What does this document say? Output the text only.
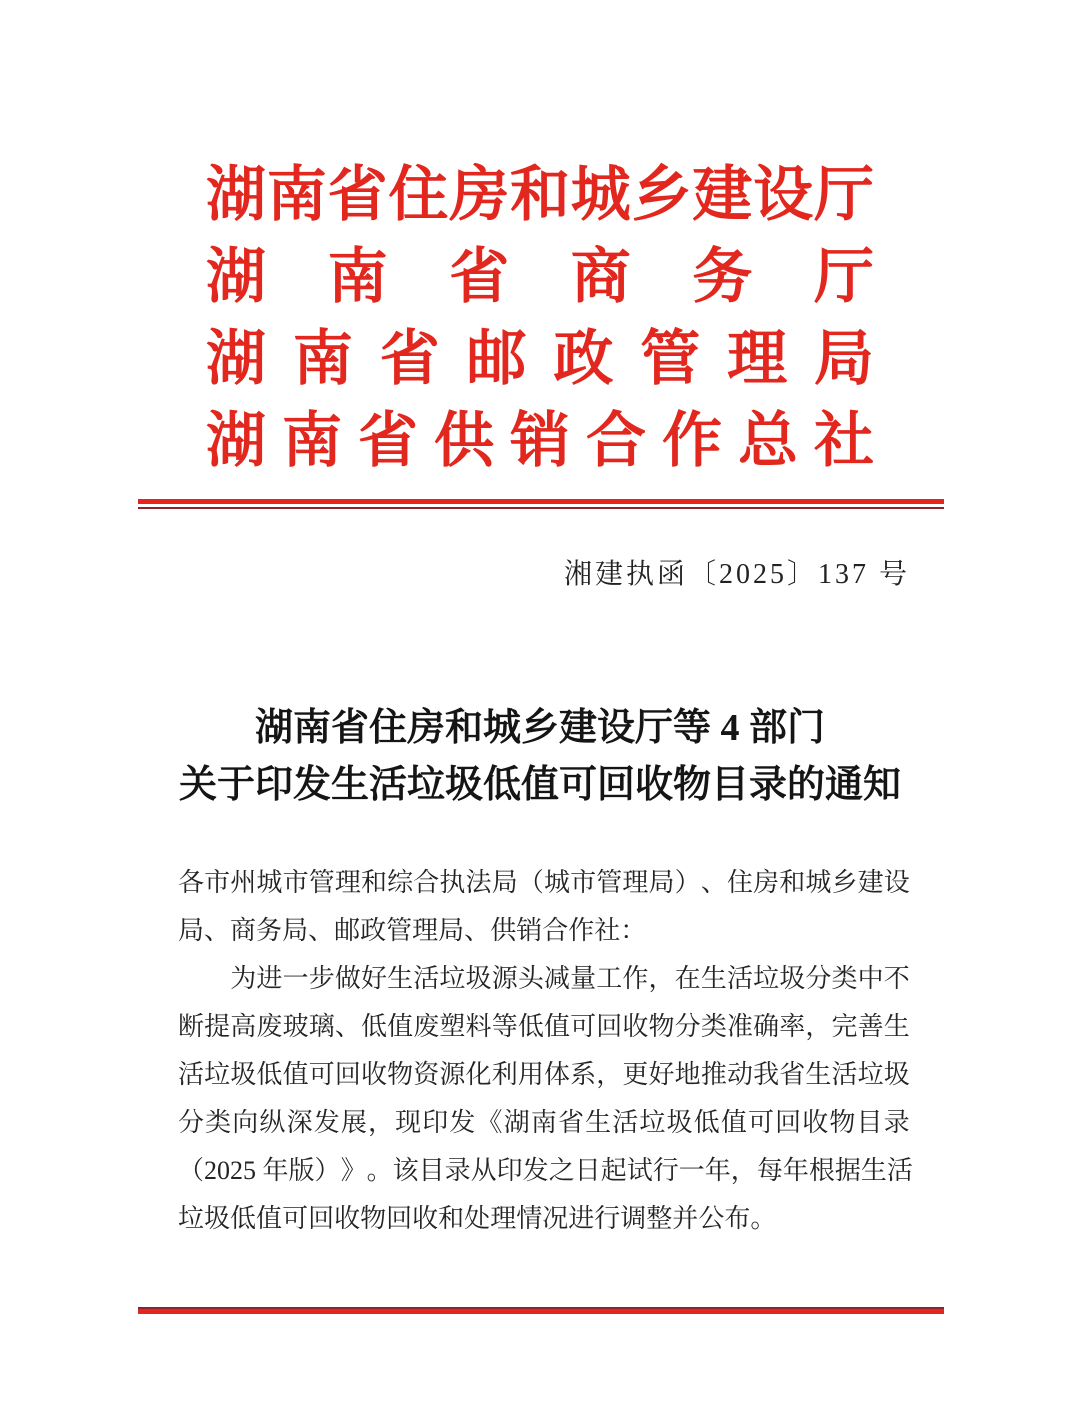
湖 南 省 住 房 和 城 乡 建 设 厅
湖 南 省 商 务 厅
湖 南 省 邮 政 管 理 局
湖 南 省 供 销 合 作 总 社
湘建执函〔2025〕137 号
湖南省住房和城乡建设厅等 4 部门
关于印发生活垃圾低值可回收物目录的通知
各 市 州 城 市 管 理 和 综 合 执 法 局 （ 城 市 管 理 局 ） 、 住 房 和 城 乡 建 设
局 、 商 务 局 、 邮 政 管 理 局 、 供 销 合 作 社 ：

为 进 一 步 做 好 生 活 垃 圾 源 头 减 量 工 作 ， 在 生 活 垃 圾 分 类 中 不
断 提 高 废 玻 璃 、 低 值 废 塑 料 等 低 值 可 回 收 物 分 类 准 确 率 ， 完 善 生
活 垃 圾 低 值 可 回 收 物 资 源 化 利 用 体 系 ， 更 好 地 推 动 我 省 生 活 垃 圾
分 类 向 纵 深 发 展 ， 现 印 发 《 湖 南 省 生 活 垃 圾 低 值 可 回 收 物 目 录
（ 2 0 2 5
年 版 ） 》 。 该 目 录 从 印 发 之 日 起 试 行 一 年 ， 每 年 根 据 生 活
垃 圾 低 值 可 回 收 物 回 收 和 处 理 情 况 进 行 调 整 并 公 布 。
